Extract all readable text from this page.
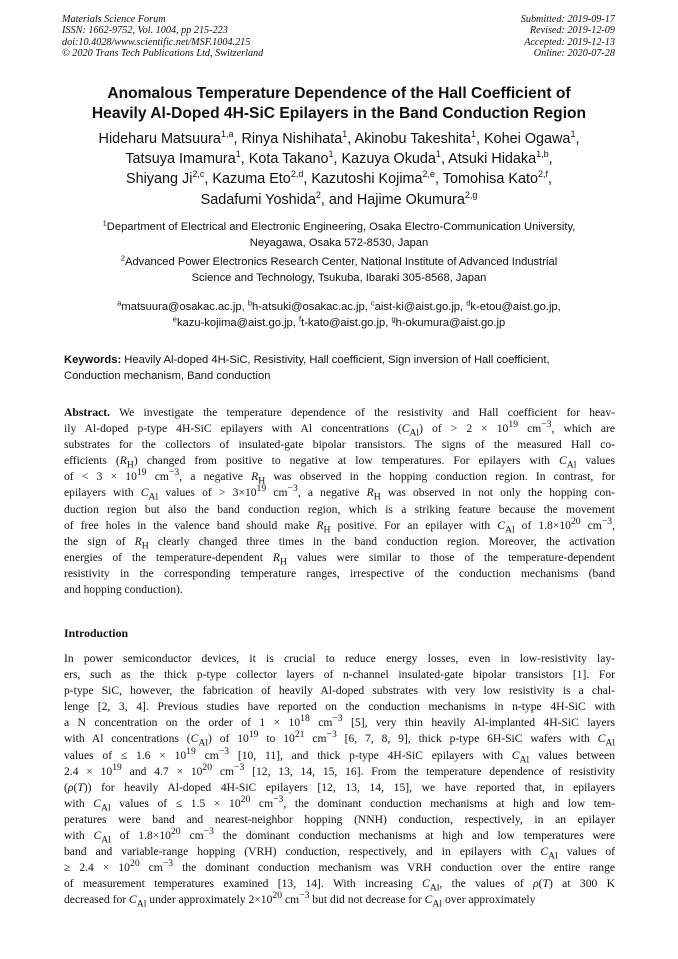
Materials Science Forum
ISSN: 1662-9752, Vol. 1004, pp 215-223
doi:10.4028/www.scientific.net/MSF.1004.215
© 2020 Trans Tech Publications Ltd, Switzerland
Submitted: 2019-09-17
Revised: 2019-12-09
Accepted: 2019-12-13
Online: 2020-07-28
Anomalous Temperature Dependence of the Hall Coefficient of
Heavily Al-Doped 4H-SiC Epilayers in the Band Conduction Region
Hideharu Matsuura$^{1,a}$, Rinya Nishihata$^1$, Akinobu Takeshita$^1$, Kohei Ogawa$^1$,
Tatsuya Imamura$^1$, Kota Takano$^1$, Kazuya Okuda$^1$, Atsuki Hidaka$^{1,b}$,
Shiyang Ji$^{2,c}$, Kazuma Eto$^{2,d}$, Kazutoshi Kojima$^{2,e}$, Tomohisa Kato$^{2,f}$,
Sadafumi Yoshida$^2$, and Hajime Okumura$^{2,g}$
$^1$Department of Electrical and Electronic Engineering, Osaka Electro-Communication University,
Neyagawa, Osaka 572-8530, Japan
$^2$Advanced Power Electronics Research Center, National Institute of Advanced Industrial
Science and Technology, Tsukuba, Ibaraki 305-8568, Japan
$^a$matsuura@osakac.ac.jp, $^b$h-atsuki@osakac.ac.jp, $^c$aist-ki@aist.go.jp, $^d$k-etou@aist.go.jp,
$^e$kazu-kojima@aist.go.jp, $^f$t-kato@aist.go.jp, $^g$h-okumura@aist.go.jp
Keywords: Heavily Al-doped 4H-SiC, Resistivity, Hall coefficient, Sign inversion of Hall coefficient,
Conduction mechanism, Band conduction
Abstract. We investigate the temperature dependence of the resistivity and Hall coefficient for heav-
ily Al-doped p-type 4H-SiC epilayers with Al concentrations $(C_{Al})$ of > $2 \times 10^{19}$ $cm^{-3}$, which are
substrates for the collectors of insulated-gate bipolar transistors. The signs of the measured Hall co-
efficients $(R_H)$ changed from positive to negative at low temperatures. For epilayers with $C_{Al}$ values
of < $3 \times 10^{19}$ $cm^{-3}$, a negative $R_H$ was observed in the hopping conduction region. In contrast, for
epilayers with $C_{Al}$ values of > $3\times 10^{19}$ $cm^{-3}$, a negative $R_H$ was observed in not only the hopping con-
duction region but also the band conduction region, which is a striking feature because the movement
of free holes in the valence band should make $R_H$ positive. For an epilayer with $C_{Al}$ of $1.8\times 10^{20}$ $cm^{-3}$,
the sign of $R_H$ clearly changed three times in the band conduction region. Moreover, the activation
energies of the temperature-dependent $R_H$ values were similar to those of the temperature-dependent
resistivity in the corresponding temperature ranges, irrespective of the conduction mechanisms (band
and hopping conduction).
Introduction
In power semiconductor devices, it is crucial to reduce energy losses, even in low-resistivity lay-
ers, such as the thick p-type collector layers of n-channel insulated-gate bipolar transistors [1]. For
p-type SiC, however, the fabrication of heavily Al-doped substrates with very low resistivity is a chal-
lenge [2, 3, 4]. Previous studies have reported on the conduction mechanisms in n-type 4H-SiC with
a N concentration on the order of $1 \times 10^{18}$ $cm^{-3}$ [5], very thin heavily Al-implanted 4H-SiC layers
with Al concentrations $(C_{Al})$ of $10^{19}$ to $10^{21}$ $cm^{-3}$ [6, 7, 8, 9], thick p-type 6H-SiC wafers with $C_{Al}$
values of ≤ $1.6 \times 10^{19}$ $cm^{-3}$ [10, 11], and thick p-type 4H-SiC epilayers with $C_{Al}$ values between
$2.4 \times 10^{19}$ and $4.7 \times 10^{20}$ $cm^{-3}$ [12, 13, 14, 15, 16]. From the temperature dependence of resistivity
(ρ(T)) for heavily Al-doped 4H-SiC epilayers [12, 13, 14, 15], we have reported that, in epilayers
with $C_{Al}$ values of ≤ $1.5 \times 10^{20}$ $cm^{-3}$, the dominant conduction mechanisms at high and low tem-
peratures were band and nearest-neighbor hopping (NNH) conduction, respectively, in an epilayer
with $C_{Al}$ of $1.8\times 10^{20}$ $cm^{-3}$ the dominant conduction mechanisms at high and low temperatures were
band and variable-range hopping (VRH) conduction, respectively, and in epilayers with $C_{Al}$ values of
≥ $2.4 \times 10^{20}$ $cm^{-3}$ the dominant conduction mechanism was VRH conduction over the entire range
of measurement temperatures examined [13, 14]. With increasing $C_{Al}$, the values of ρ(T) at 300 K
decreased for $C_{Al}$ under approximately $2\times 10^{20}$ $cm^{-3}$ but did not decrease for $C_{Al}$ over approximately
